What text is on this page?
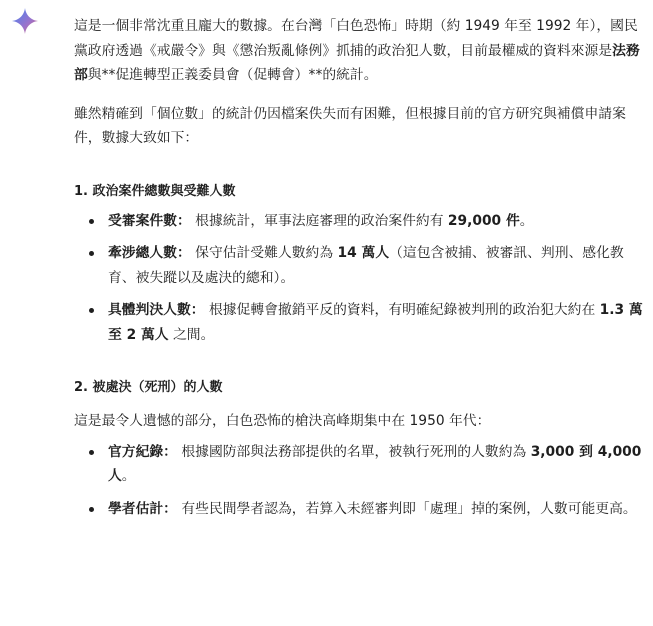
這是一個非常沈重且龐大的數據。在台灣「白色恐怖」時期（約 1949 年至 1992 年），國民黨政府透過《戒嚴令》與《懲治叛亂條例》抓捕的政治犯人數，目前最權威的資料來源是法務部與**促進轉型正義委員會（促轉會）**的統計。

雖然精確到「個位數」的統計仍因檔案佚失而有困難，但根據目前的官方研究與補償申請案件，數據大致如下：

1. 政治案件總數與受難人數

受審案件數： 根據統計，軍事法庭審理的政治案件約有 29,000 件。
牽涉總人數： 保守估計受難人數約為 14 萬人（這包含被捕、被審訊、判刑、感化教育、被失蹤以及處決的總和）。
具體判決人數： 根據促轉會撤銷平反的資料，有明確紀錄被判刑的政治犯大約在 1.3 萬至 2 萬人 之間。

2. 被處決（死刑）的人數

這是最令人遺憾的部分，白色恐怖的槍決高峰期集中在 1950 年代：

官方紀錄： 根據國防部與法務部提供的名單，被執行死刑的人數約為 3,000 到 4,000 人。
學者估計： 有些民間學者認為，若算入未經審判即「處理」掉的案例，人數可能更高。
